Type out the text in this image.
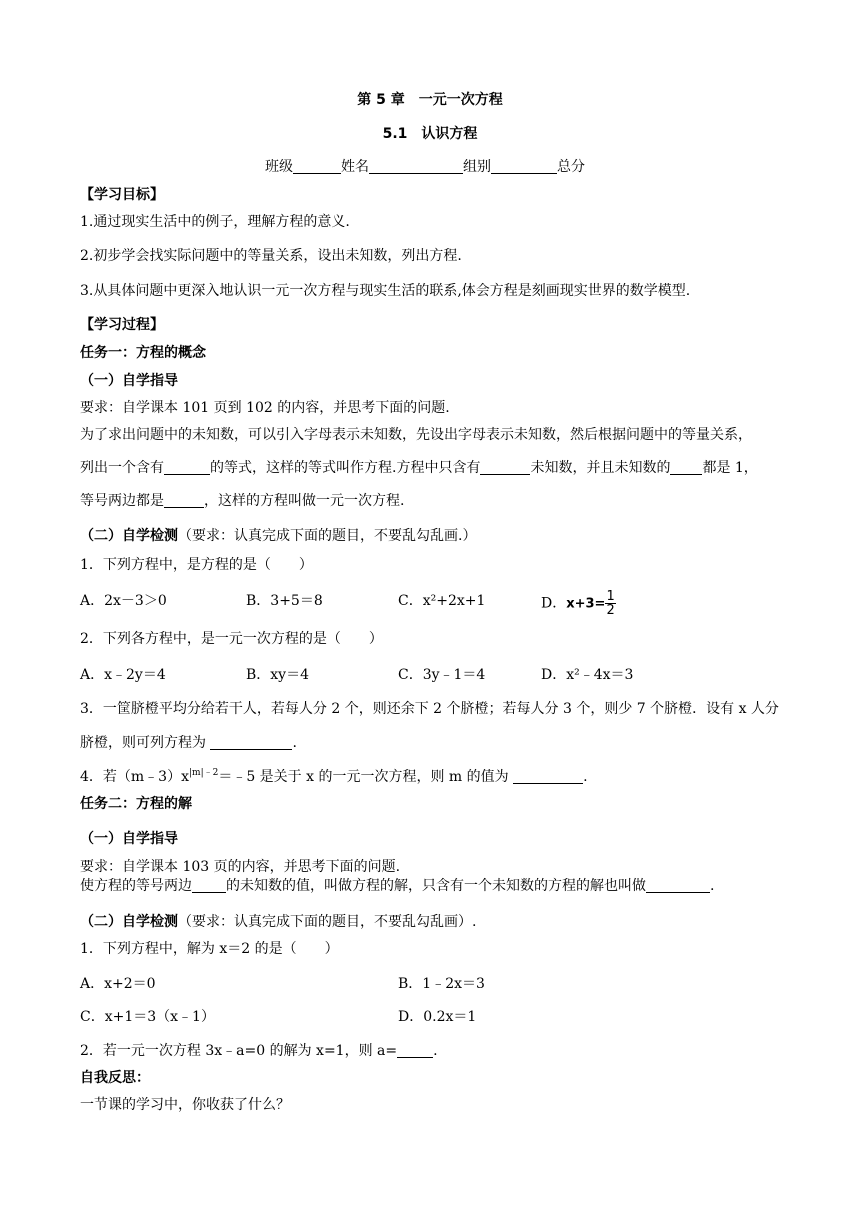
第 5 章　一元一次方程
5.1　认识方程
班级	姓名	组别	总分
【学习目标】
1.通过现实生活中的例子，理解方程的意义.
2.初步学会找实际问题中的等量关系，设出未知数，列出方程.
3.从具体问题中更深入地认识一元一次方程与现实生活的联系,体会方程是刻画现实世界的数学模型.
【学习过程】
任务一：方程的概念
（一）自学指导
要求：自学课本 101 页到 102 的内容，并思考下面的问题.
为了求出问题中的未知数，可以引入字母表示未知数，先设出字母表示未知数，然后根据问题中的等量关系，
列出一个含有	的等式，这样的等式叫作方程.方程中只含有	未知数，并且未知数的 都是 1，
等号两边都是	，这样的方程叫做一元一次方程.
（二）自学检测（要求：认真完成下面的题目，不要乱勾乱画.）
1．下列方程中，是方程的是（　　）
A．2x－3＞0	B．3+5＝8	C．x²+2x+1	D．$x+3= \frac{1}{2}$
2．下列各方程中，是一元一次方程的是（　　）
A．x﹣2y＝4	B．xy＝4	C．3y﹣1＝4	D．x²﹣4x＝3
3．一筐脐橙平均分给若干人，若每人分 2 个，则还余下 2 个脐橙；若每人分 3 个，则少 7 个脐橙．设有 x 人分
脐橙，则可列方程为	.
4．若$(m﹣3)x^{|m|﹣2}=﹣5$ 是关于 x 的一元一次方程，则 m 的值为	.
任务二：方程的解
（一）自学指导
要求：自学课本 103 页的内容，并思考下面的问题.
使方程的等号两边 的未知数的值，叫做方程的解，只含有一个未知数的方程的解也叫做	.
（二）自学检测（要求：认真完成下面的题目，不要乱勾乱画）.
1．下列方程中，解为 x＝2 的是（　　）
A．x+2＝0	B．1﹣2x＝3
C．x+1＝3（x﹣1）	D．0.2x＝1
2．若一元一次方程 3x﹣a=0 的解为 x=1，则 a=	.
自我反思：
一节课的学习中，你收获了什么？
